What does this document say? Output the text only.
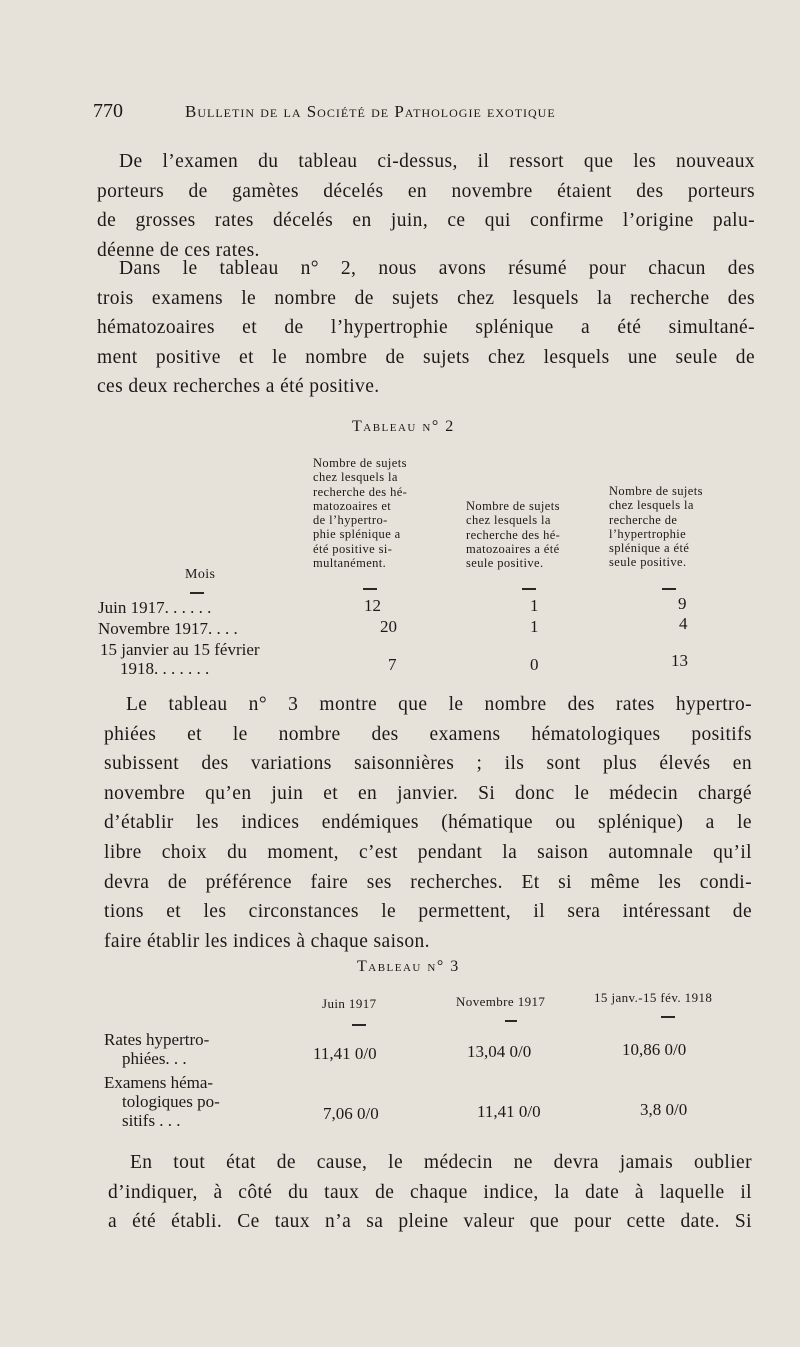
770	Bulletin de la Société de Pathologie exotique
De l’examen du tableau ci-dessus, il ressort que les nouveaux
porteurs de gamètes décelés en novembre étaient des porteurs
de grosses rates décelés en juin, ce qui confirme l’origine palu-
déenne de ces rates.
Dans le tableau n° 2, nous avons résumé pour chacun des
trois examens le nombre de sujets chez lesquels la recherche des
hématozoaires et de l’hypertrophie splénique a été simultané-
ment positive et le nombre de sujets chez lesquels une seule de
ces deux recherches a été positive.
Tableau n° 2
Nombre de sujets
chez lesquels la
recherche des hé-
matozoaires et
de l’hypertro-
phie splénique a
été positive si-
multanément.
Nombre de sujets
chez lesquels la
recherche des hé-
matozoaires a été
seule positive.
Nombre de sujets
chez lesquels la
recherche de
l’hypertrophie
splénique a été
seule positive.
Mois
Juin 1917. . . . . .	12	1	9
Novembre 1917. . . .	20	1	4
15 janvier au 15 février
1918. . . . . . .	7	0	13
Le tableau n° 3 montre que le nombre des rates hypertro-
phiées et le nombre des examens hématologiques positifs
subissent des variations saisonnières ; ils sont plus élevés en
novembre qu’en juin et en janvier. Si donc le médecin chargé
d’établir les indices endémiques (hématique ou splénique) a le
libre choix du moment, c’est pendant la saison automnale qu’il
devra de préférence faire ses recherches. Et si même les condi-
tions et les circonstances le permettent, il sera intéressant de
faire établir les indices à chaque saison.
Tableau n° 3
Juin 1917	Novembre 1917	15 janv.-15 fév. 1918
Rates hypertro-
phiées. . .	11,41 0/0	13,04 0/0	10,86 0/0
Examens héma-
tologiques po-
sitifs . . .	7,06 0/0	11,41 0/0	3,8 0/0
En tout état de cause, le médecin ne devra jamais oublier
d’indiquer, à côté du taux de chaque indice, la date à laquelle il
a été établi. Ce taux n’a sa pleine valeur que pour cette date. Si
